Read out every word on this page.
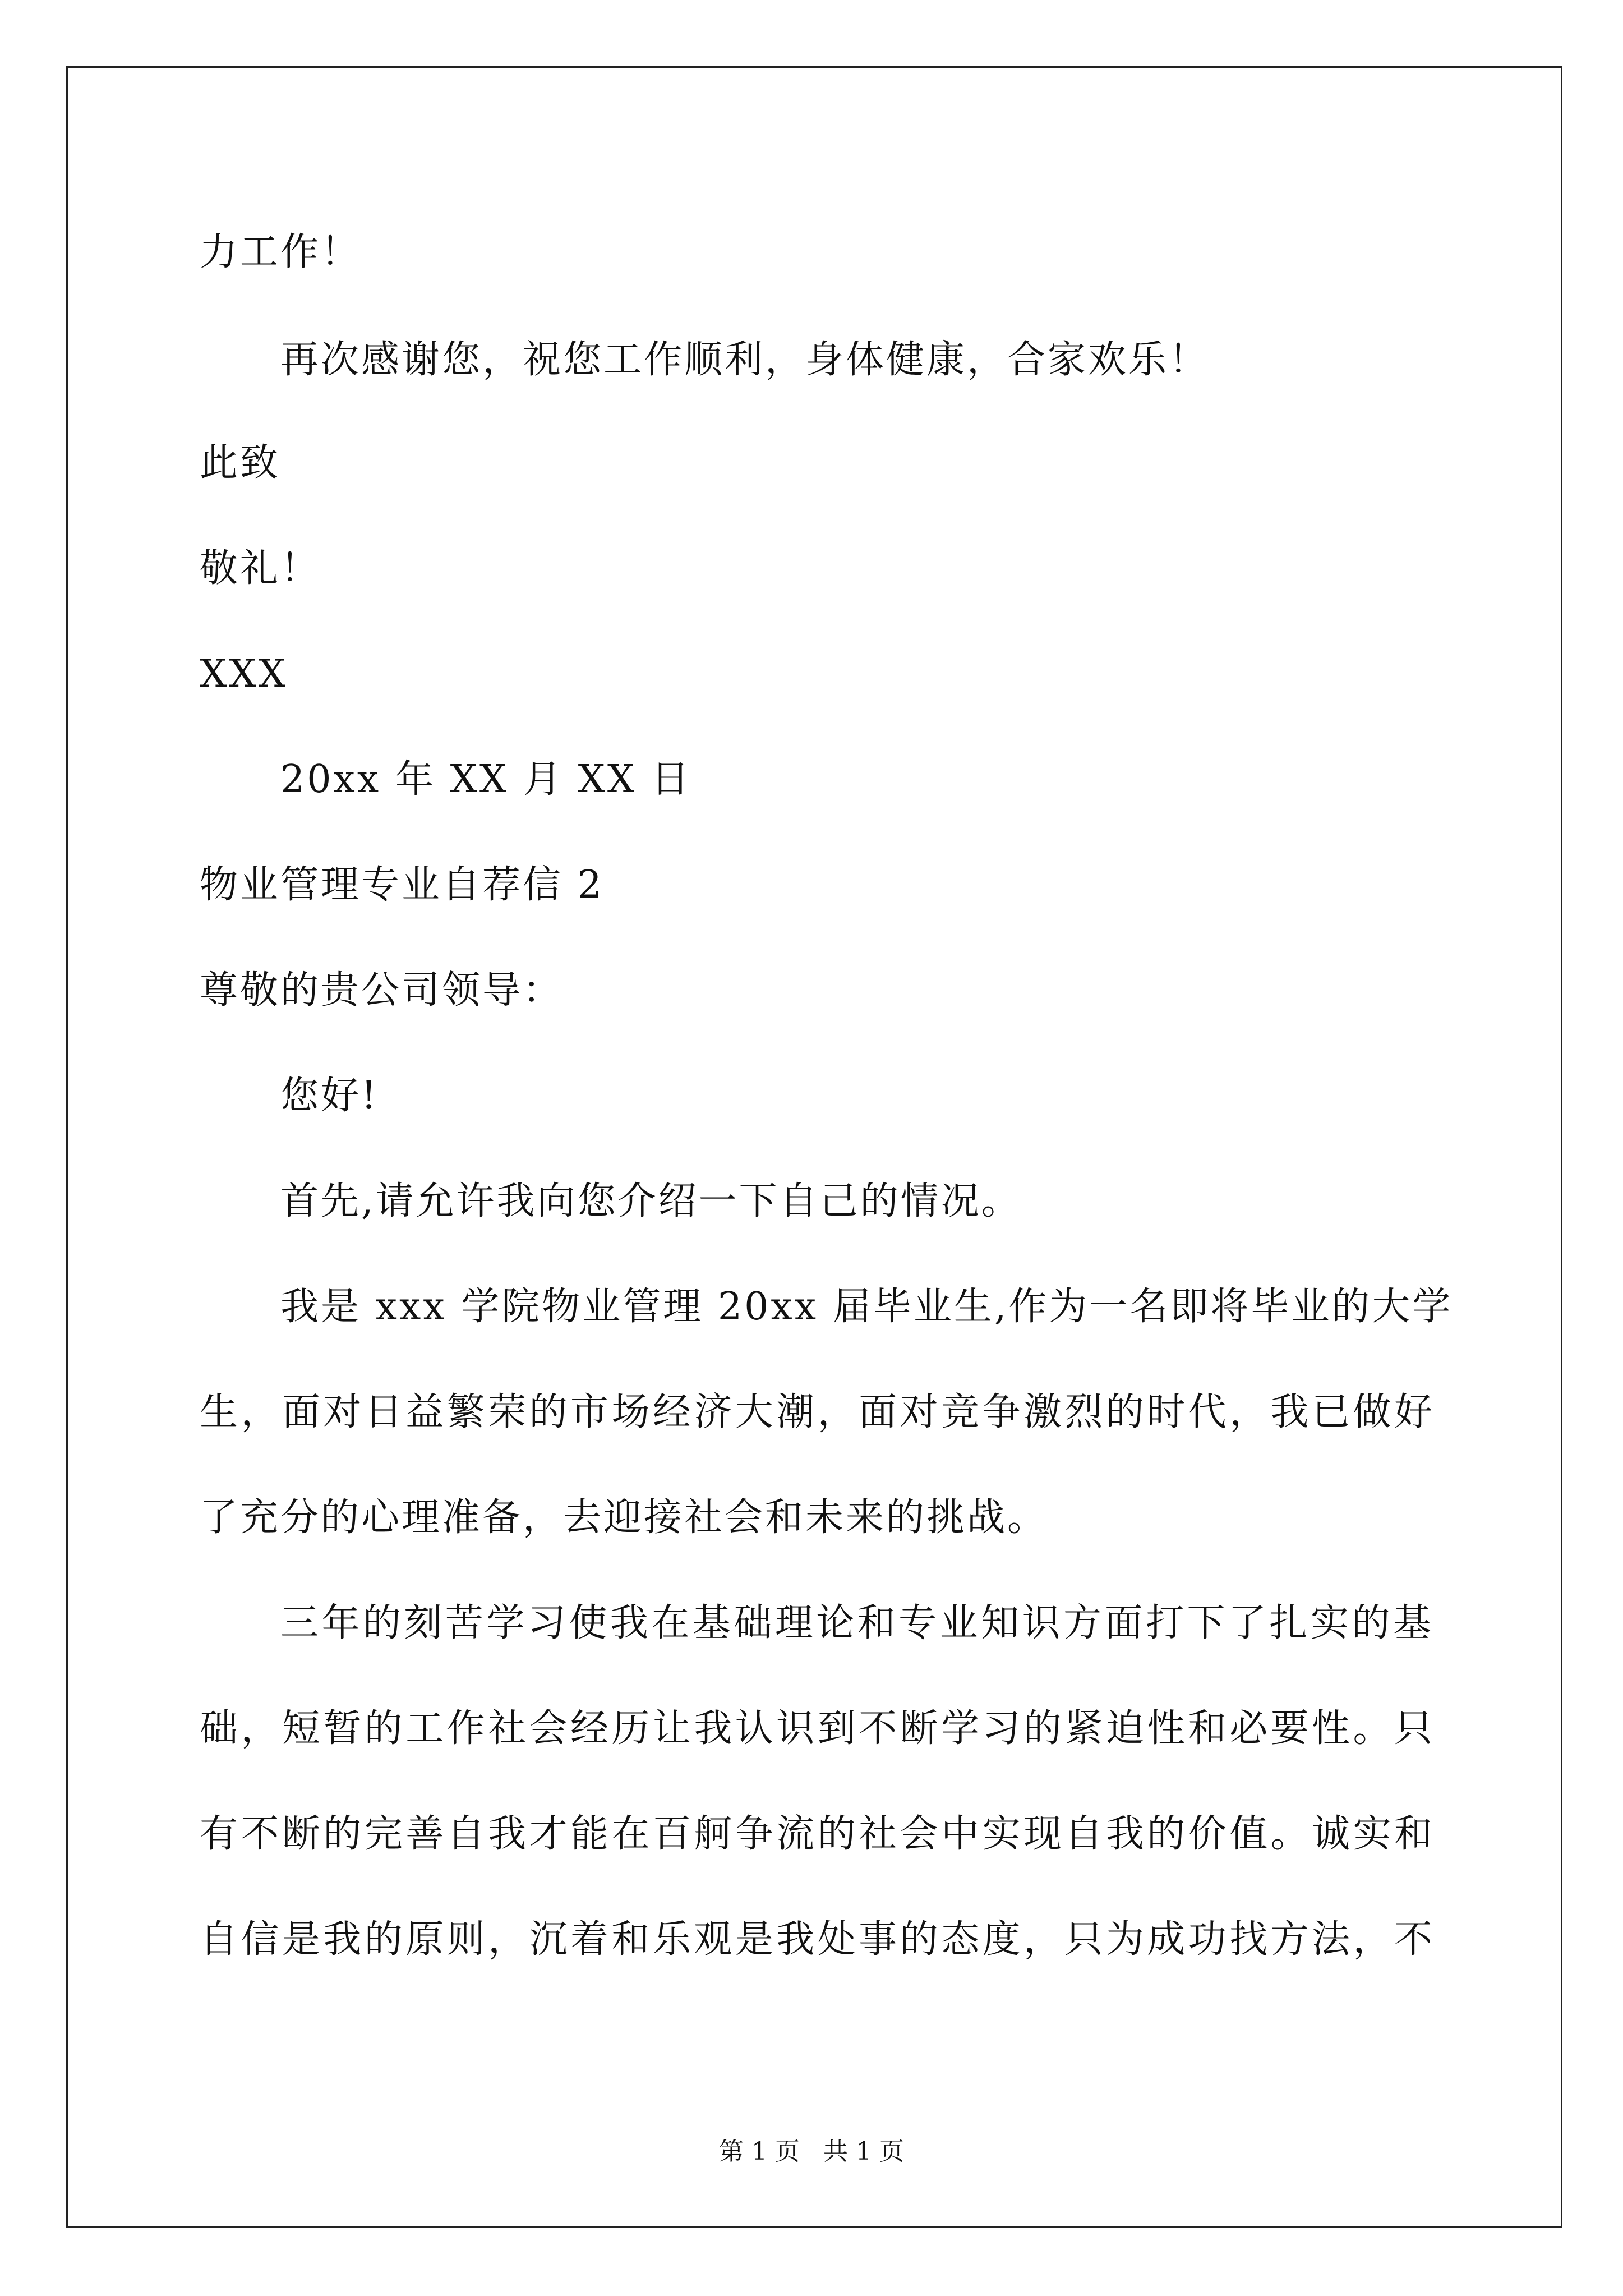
力工作！
再次感谢您，祝您工作顺利，身体健康，合家欢乐！
此致
敬礼！
XXX
20xx 年 XX 月 XX 日
物业管理专业自荐信 2
尊敬的贵公司领导：
您好!
首先,请允许我向您介绍一下自己的情况。
我是 xxx 学院物业管理 20xx 届毕业生,作为一名即将毕业的大学
生，面对日益繁荣的市场经济大潮，面对竞争激烈的时代，我已做好
了充分的心理准备，去迎接社会和未来的挑战。
三年的刻苦学习使我在基础理论和专业知识方面打下了扎实的基
础，短暂的工作社会经历让我认识到不断学习的紧迫性和必要性。只
有不断的完善自我才能在百舸争流的社会中实现自我的价值。诚实和
自信是我的原则，沉着和乐观是我处事的态度，只为成功找方法，不
第 1 页 共 1 页
